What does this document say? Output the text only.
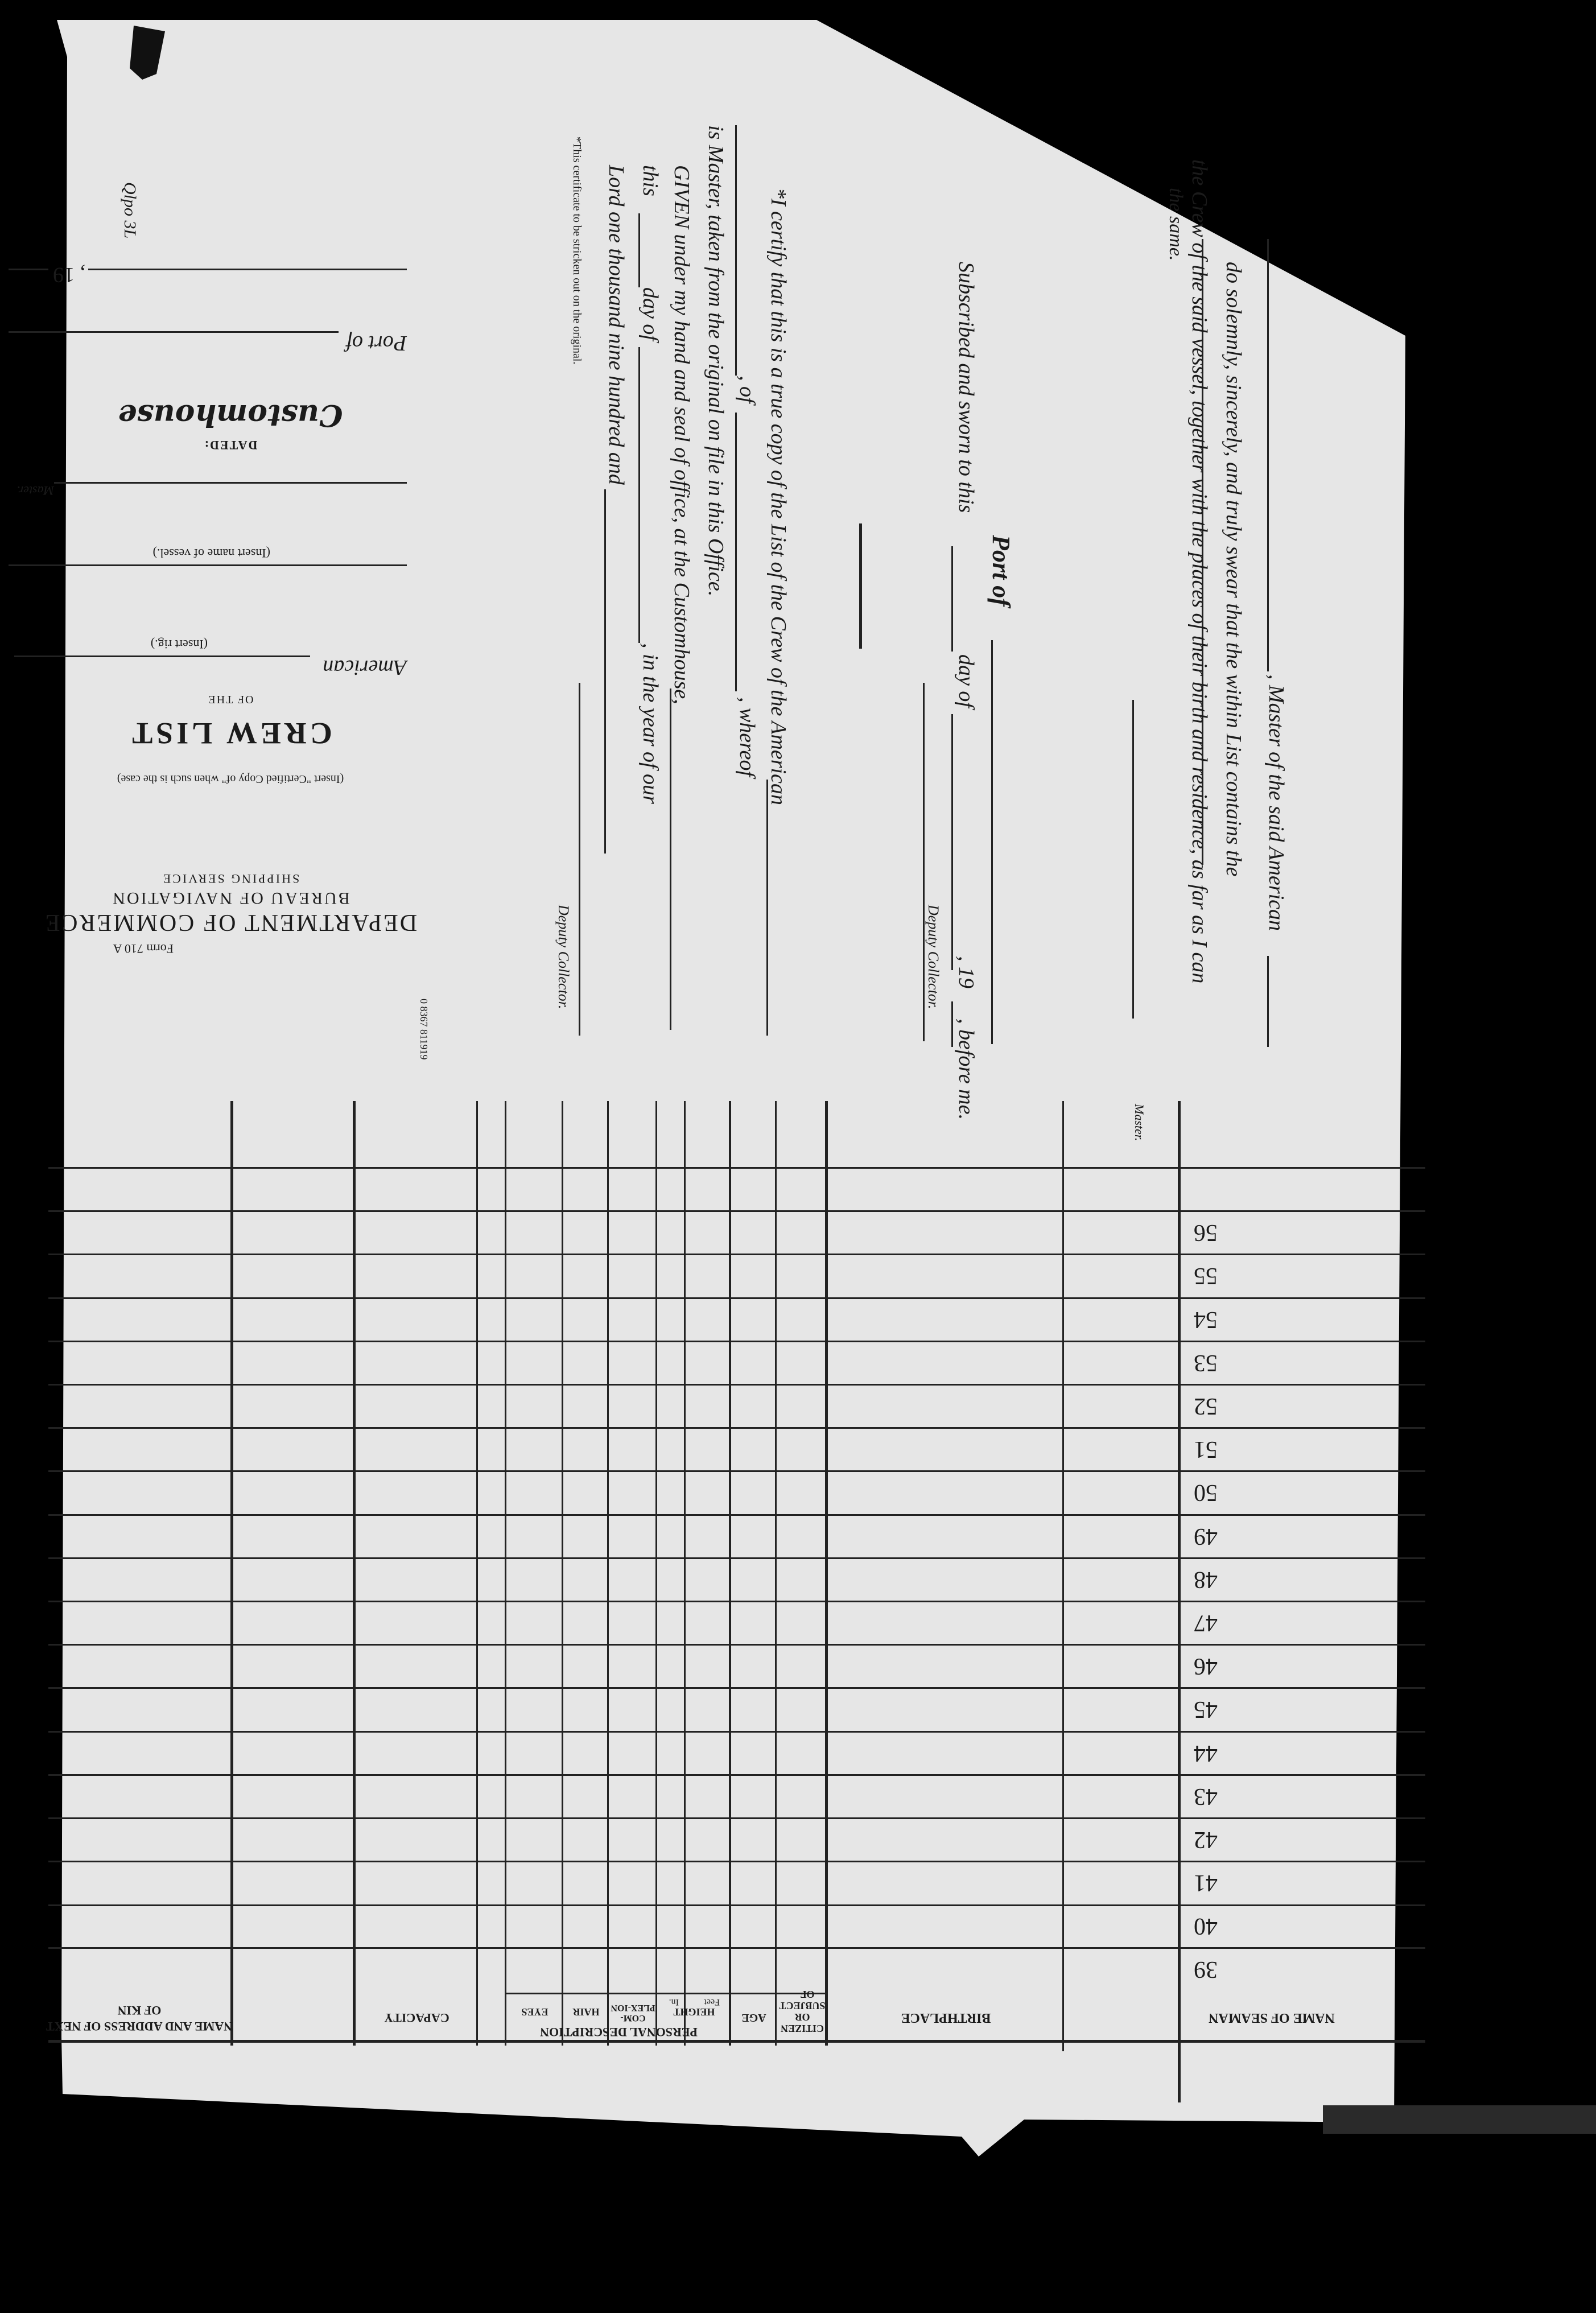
Qlpo 3L
, Master of the said American
do solemnly, sincerely, and truly swear that the within List contains the
the Crew of the said vessel, together with the places of their birth and residence, as far as I can
the same.
Master.
Port of
Subscribed and sworn to this
day of
, 19
, before me.
Deputy Collector.
*I certify that this is a true copy of the List of the Crew of the American
, of
, whereof
is Master, taken from the original on file in this Office.
GIVEN under my hand and seal of office, at the Customhouse,
this
day of
, in the year of our
Lord one thousand nine hundred and
Deputy Collector.
*This certificate to be stricken out on the original.
0 8367 811919
Form 710 A
DEPARTMENT OF COMMERCE
BUREAU OF NAVIGATION
SHIPPING SERVICE
(Insert "Certified Copy of" when such is the case)
CREW LIST
OF THE
American
(Insert rig.)
(Insert name of vessel.)
Master.
DATED:
Customhouse
Port of
, 19
NAME OF SEAMAN
BIRTHPLACE
CITIZEN OR SUBJECT OF—
AGE
PERSONAL DESCRIPTION
HEIGHT
Feet
In.
COM-PLEX-ION
HAIR
EYES
CAPACITY
NAME AND ADDRESS OF NEXT OF KIN
39
40
41
42
43
44
45
46
47
48
49
50
51
52
53
54
55
56
